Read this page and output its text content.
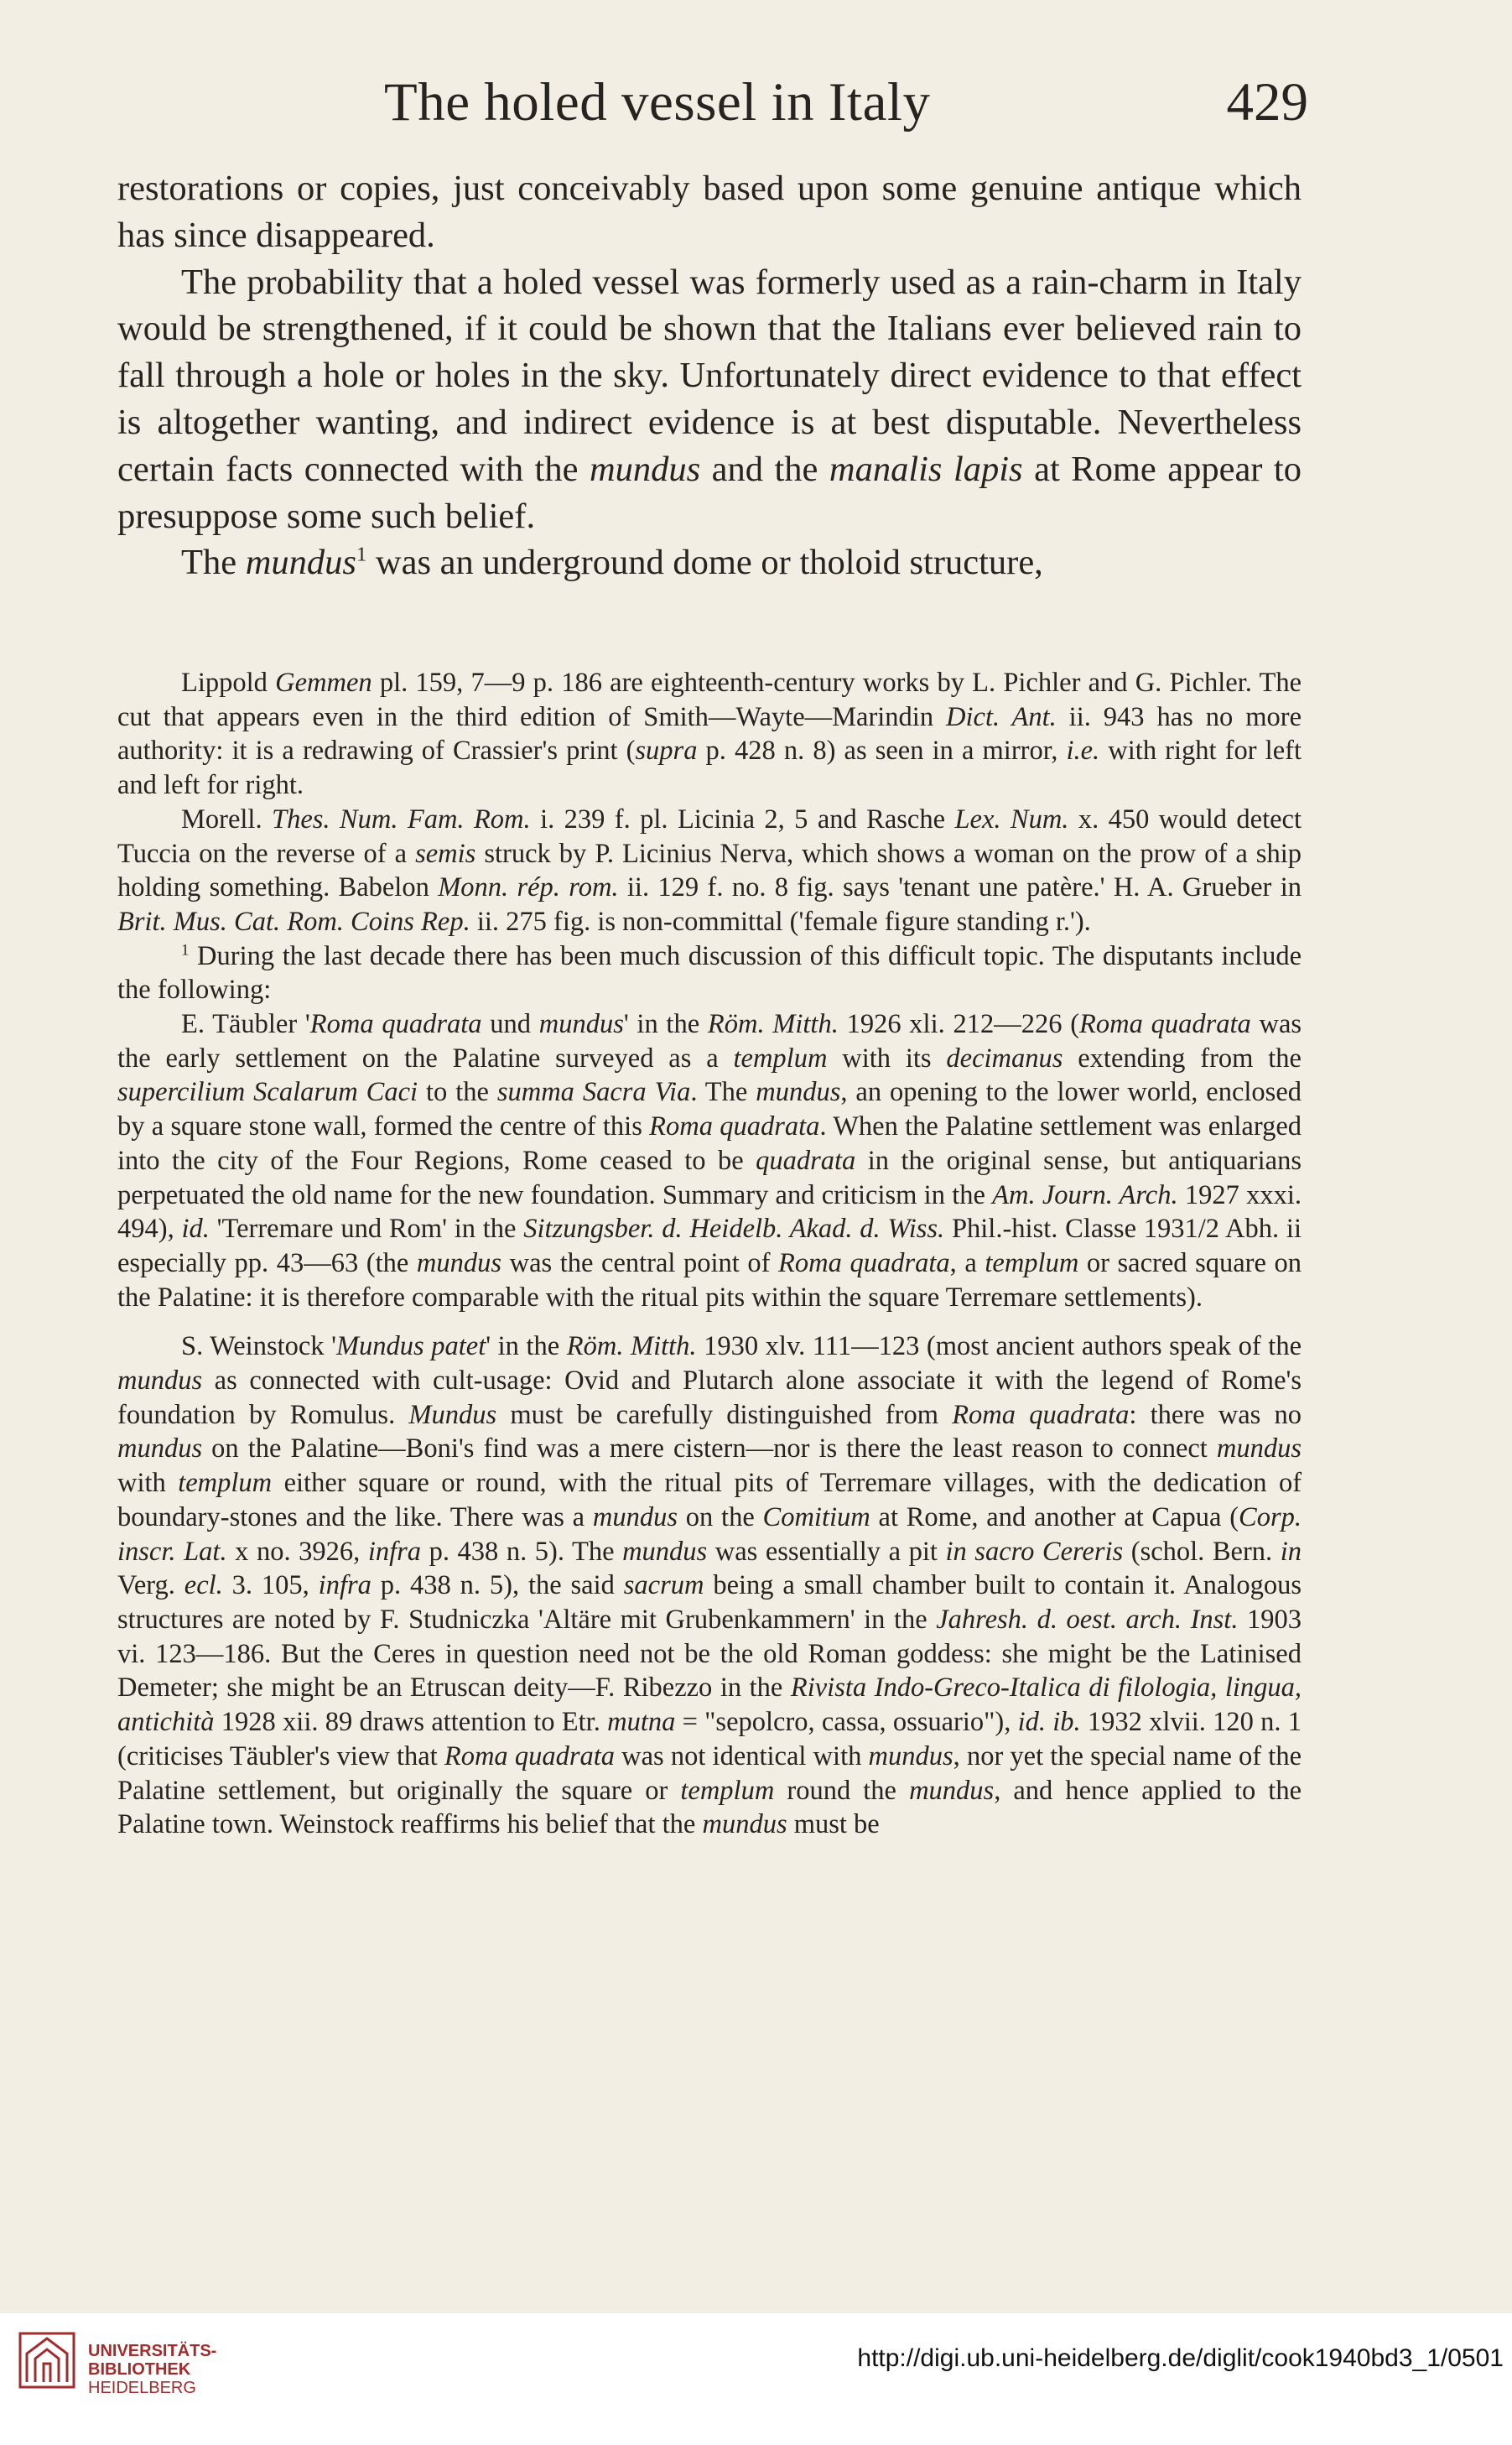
The holed vessel in Italy	429

restorations or copies, just conceivably based upon some genuine antique which has since disappeared.

The probability that a holed vessel was formerly used as a rain-charm in Italy would be strengthened, if it could be shown that the Italians ever believed rain to fall through a hole or holes in the sky. Unfortunately direct evidence to that effect is altogether wanting, and indirect evidence is at best disputable. Nevertheless certain facts connected with the mundus and the manalis lapis at Rome appear to presuppose some such belief.

The mundus$^1$ was an underground dome or tholoid structure,

Lippold Gemmen pl. 159, 7—9 p. 186 are eighteenth-century works by L. Pichler and G. Pichler. The cut that appears even in the third edition of Smith—Wayte—Marindin Dict. Ant. ii. 943 has no more authority: it is a redrawing of Crassier's print (supra p. 428 n. 8) as seen in a mirror, i.e. with right for left and left for right.

Morell. Thes. Num. Fam. Rom. i. 239 f. pl. Licinia 2, 5 and Rasche Lex. Num. x. 450 would detect Tuccia on the reverse of a semis struck by P. Licinius Nerva, which shows a woman on the prow of a ship holding something. Babelon Monn. rép. rom. ii. 129 f. no. 8 fig. says 'tenant une patère.' H. A. Grueber in Brit. Mus. Cat. Rom. Coins Rep. ii. 275 fig. is non-committal ('female figure standing r.').

$^1$ During the last decade there has been much discussion of this difficult topic. The disputants include the following:

E. Täubler 'Roma quadrata und mundus' in the Röm. Mitth. 1926 xli. 212—226 (Roma quadrata was the early settlement on the Palatine surveyed as a templum with its decimanus extending from the supercilium Scalarum Caci to the summa Sacra Via. The mundus, an opening to the lower world, enclosed by a square stone wall, formed the centre of this Roma quadrata. When the Palatine settlement was enlarged into the city of the Four Regions, Rome ceased to be quadrata in the original sense, but antiquarians perpetuated the old name for the new foundation. Summary and criticism in the Am. Journ. Arch. 1927 xxxi. 494), id. 'Terremare und Rom' in the Sitzungsber. d. Heidelb. Akad. d. Wiss. Phil.-hist. Classe 1931/2 Abh. ii especially pp. 43—63 (the mundus was the central point of Roma quadrata, a templum or sacred square on the Palatine: it is therefore comparable with the ritual pits within the square Terremare settlements).

S. Weinstock 'Mundus patet' in the Röm. Mitth. 1930 xlv. 111—123 (most ancient authors speak of the mundus as connected with cult-usage: Ovid and Plutarch alone associate it with the legend of Rome's foundation by Romulus. Mundus must be carefully distinguished from Roma quadrata: there was no mundus on the Palatine—Boni's find was a mere cistern—nor is there the least reason to connect mundus with templum either square or round, with the ritual pits of Terremare villages, with the dedication of boundary-stones and the like. There was a mundus on the Comitium at Rome, and another at Capua (Corp. inscr. Lat. x no. 3926, infra p. 438 n. 5). The mundus was essentially a pit in sacro Cereris (schol. Bern. in Verg. ecl. 3. 105, infra p. 438 n. 5), the said sacrum being a small chamber built to contain it. Analogous structures are noted by F. Studniczka 'Altäre mit Grubenkammern' in the Jahresh. d. oest. arch. Inst. 1903 vi. 123—186. But the Ceres in question need not be the old Roman goddess: she might be the Latinised Demeter; she might be an Etruscan deity—F. Ribezzo in the Rivista Indo-Greco-Italica di filologia, lingua, antichità 1928 xii. 89 draws attention to Etr. mutna = "sepolcro, cassa, ossuario"), id. ib. 1932 xlvii. 120 n. 1 (criticises Täubler's view that Roma quadrata was not identical with mundus, nor yet the special name of the Palatine settlement, but originally the square or templum round the mundus, and hence applied to the Palatine town. Weinstock reaffirms his belief that the mundus must be

UNIVERSITÄTS-
BIBLIOTHEK
HEIDELBERG
http://digi.ub.uni-heidelberg.de/diglit/cook1940bd3_1/0501
